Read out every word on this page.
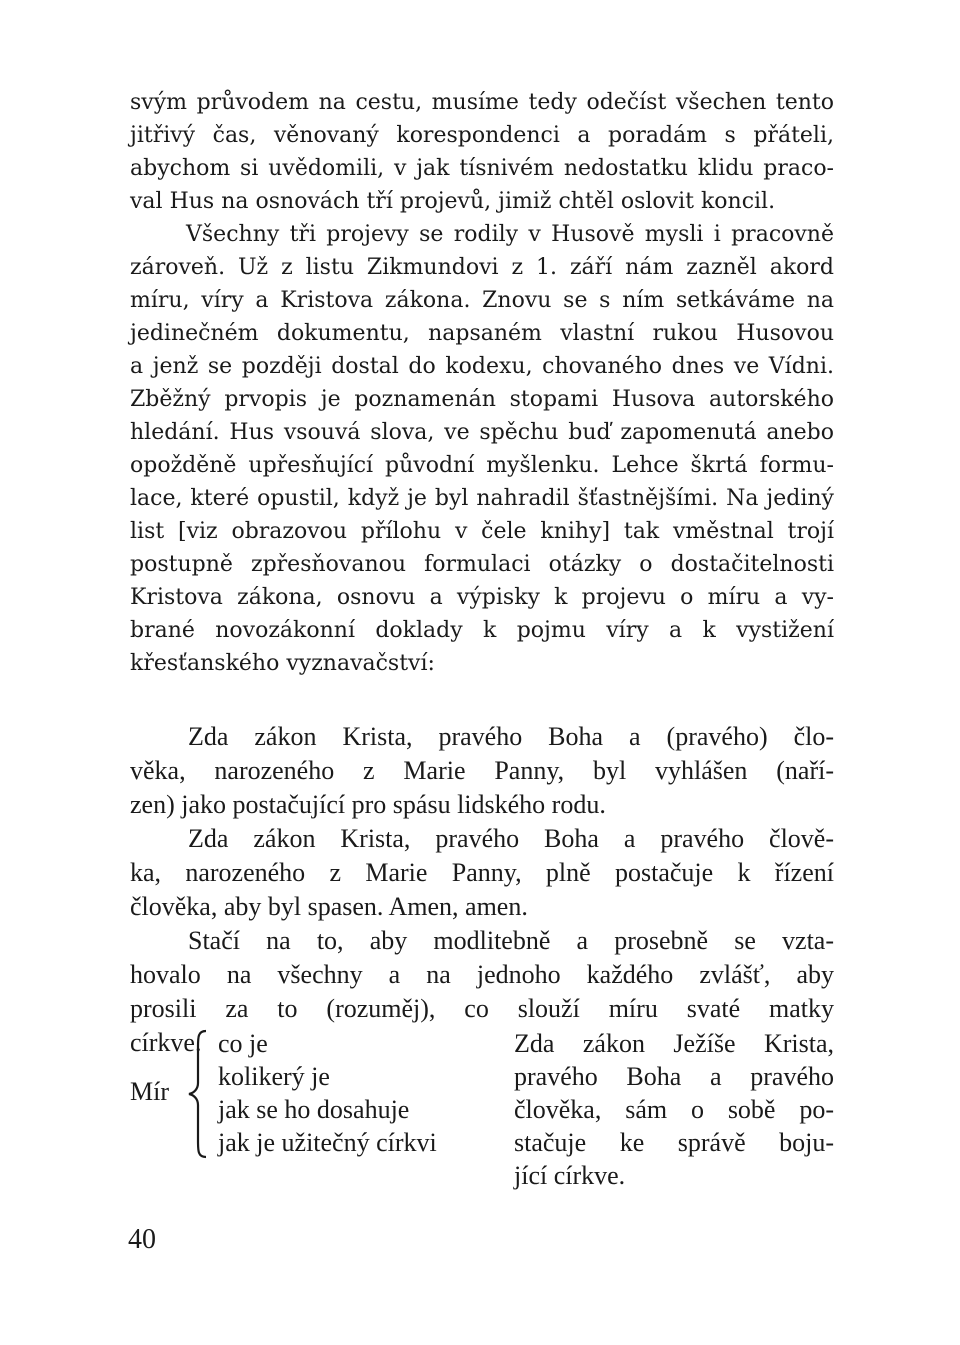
svým průvodem na cestu, musíme tedy odečíst všechen tento
jitřivý čas, věnovaný korespondenci a poradám s přáteli,
abychom si uvědomili, v jak tísnivém nedostatku klidu praco-
val Hus na osnovách tří projevů, jimiž chtěl oslovit koncil.
Všechny tři projevy se rodily v Husově mysli i pracovně
zároveň. Už z listu Zikmundovi z 1. září nám zazněl akord
míru, víry a Kristova zákona. Znovu se s ním setkáváme na
jedinečném dokumentu, napsaném vlastní rukou Husovou
a jenž se později dostal do kodexu, chovaného dnes ve Vídni.
Zběžný prvopis je poznamenán stopami Husova autorského
hledání. Hus vsouvá slova, ve spěchu buď zapomenutá anebo
opožděně upřesňující původní myšlenku. Lehce škrtá formu-
lace, které opustil, když je byl nahradil šťastnějšími. Na jediný
list [viz obrazovou přílohu v čele knihy] tak vměstnal trojí
postupně zpřesňovanou formulaci otázky o dostačitelnosti
Kristova zákona, osnovu a výpisky k projevu o míru a vy-
brané novozákonní doklady k pojmu víry a k vystižení
křesťanského vyznavačství:
Zda zákon Krista, pravého Boha a (pravého) člo-
věka, narozeného z Marie Panny, byl vyhlášen (naří-
zen) jako postačující pro spásu lidského rodu.
Zda zákon Krista, pravého Boha a pravého člově-
ka, narozeného z Marie Panny, plně postačuje k řízení
člověka, aby byl spasen. Amen, amen.
Stačí na to, aby modlitebně a prosebně se vzta-
hovalo na všechny a na jednoho každého zvlášť, aby
prosili za to (rozuměj), co slouží míru svaté matky
církve.
Mír
co je
kolikerý je
jak se ho dosahuje
jak je užitečný církvi
Zda zákon Ježíše Krista,
pravého Boha a pravého
člověka, sám o sobě po-
stačuje ke správě boju-
jící církve.
40
